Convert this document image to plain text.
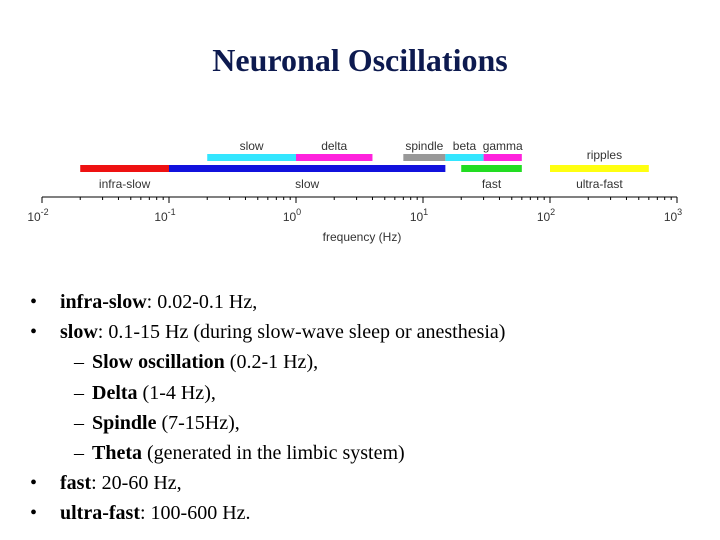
Neuronal Oscillations
slow	delta	spindle beta gamma
ripples
infra-slow	slow	fast	ultra-fast
$10^{-2}$	$10^{-1}$	$10^0$	$10^1$	$10^2$	$10^3$
frequency (Hz)
• infra-slow: 0.02-0.1 Hz,
• slow: 0.1-15 Hz (during slow-wave sleep or anesthesia)
– Slow oscillation (0.2-1 Hz),
– Delta (1-4 Hz),
– Spindle (7-15Hz),
– Theta (generated in the limbic system)
• fast: 20-60 Hz,
• ultra-fast: 100-600 Hz.
